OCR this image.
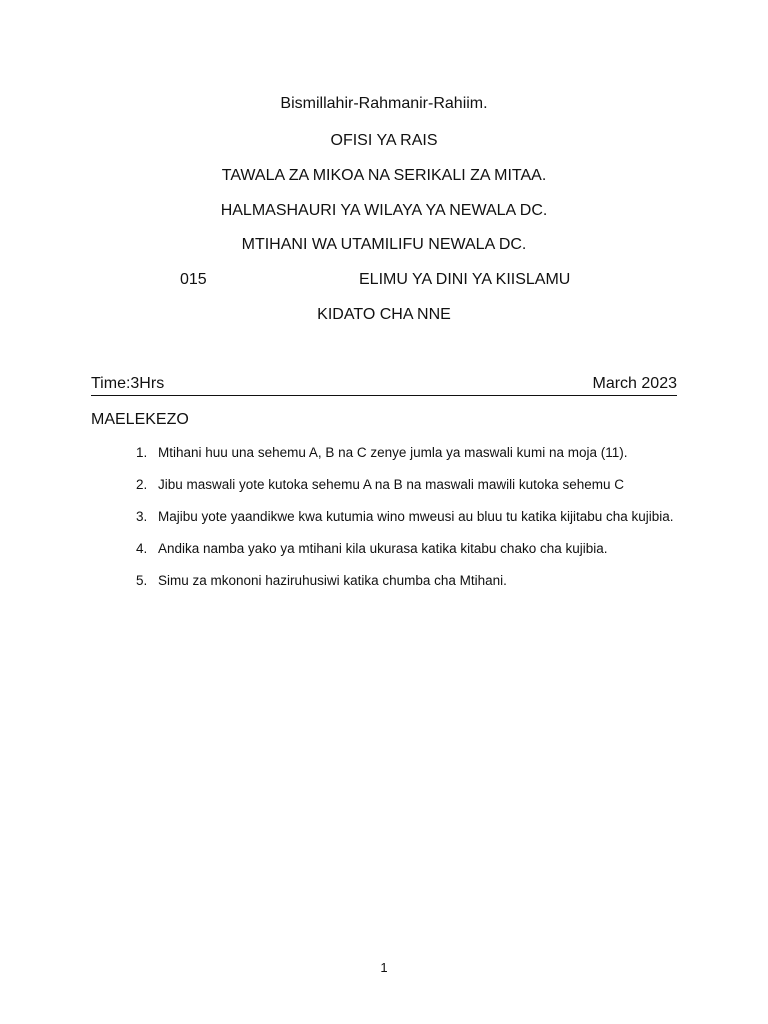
Bismillahir-Rahmanir-Rahiim.
OFISI YA RAIS
TAWALA ZA MIKOA NA SERIKALI ZA MITAA.
HALMASHAURI YA WILAYA YA NEWALA DC.
MTIHANI WA UTAMILIFU NEWALA DC.
015	ELIMU YA DINI YA KIISLAMU
KIDATO CHA NNE
Time:3Hrs	March 2023
MAELEKEZO
1. Mtihani huu una sehemu A, B na C zenye jumla ya maswali kumi na moja (11).
2. Jibu maswali yote kutoka sehemu A na B na maswali mawili kutoka sehemu C
3. Majibu yote yaandikwe kwa kutumia wino mweusi au bluu tu katika kijitabu cha kujibia.
4. Andika namba yako ya mtihani kila ukurasa katika kitabu chako cha kujibia.
5. Simu za mkononi haziruhusiwi katika chumba cha Mtihani.
1
